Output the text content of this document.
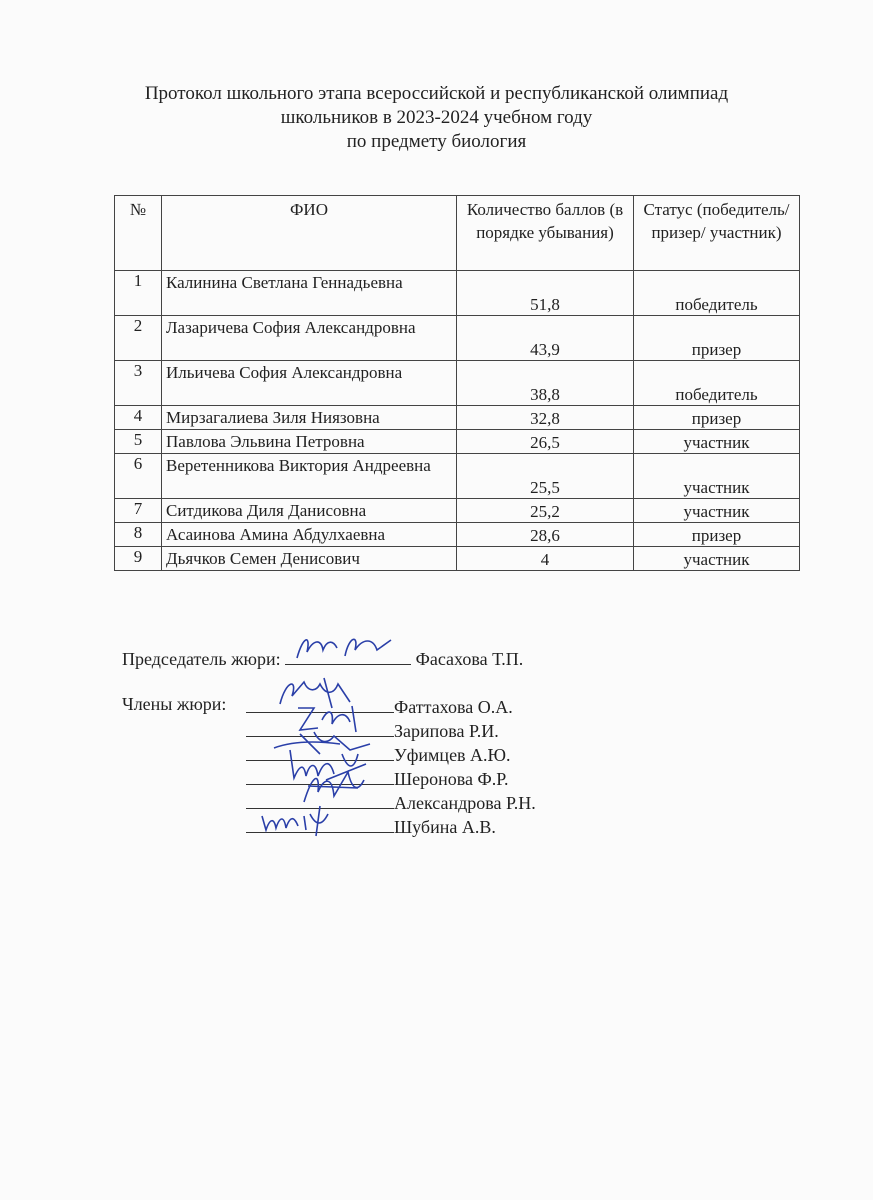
Протокол школьного этапа всероссийской и республиканской олимпиад
школьников в 2023-2024 учебном году
по предмету биология
№	ФИО	Количество баллов (в порядке убывания)	Статус (победитель/ призер/ участник)
1	Калинина Светлана Геннадьевна	51,8	победитель
2	Лазаричева София Александровна	43,9	призер
3	Ильичева София Александровна	38,8	победитель
4	Мирзагалиева Зиля Ниязовна	32,8	призер
5	Павлова Эльвина Петровна	26,5	участник
6	Веретенникова Виктория Андреевна	25,5	участник
7	Ситдикова Диля Данисовна	25,2	участник
8	Асаинова Амина Абдулхаевна	28,6	призер
9	Дьячков Семен Денисович	4	участник
Председатель жюри:	Фасахова Т.П.
Члены жюри:	Фаттахова О.А.
Зарипова Р.И.
Уфимцев А.Ю.
Шеронова Ф.Р.
Александрова Р.Н.
Шубина А.В.
